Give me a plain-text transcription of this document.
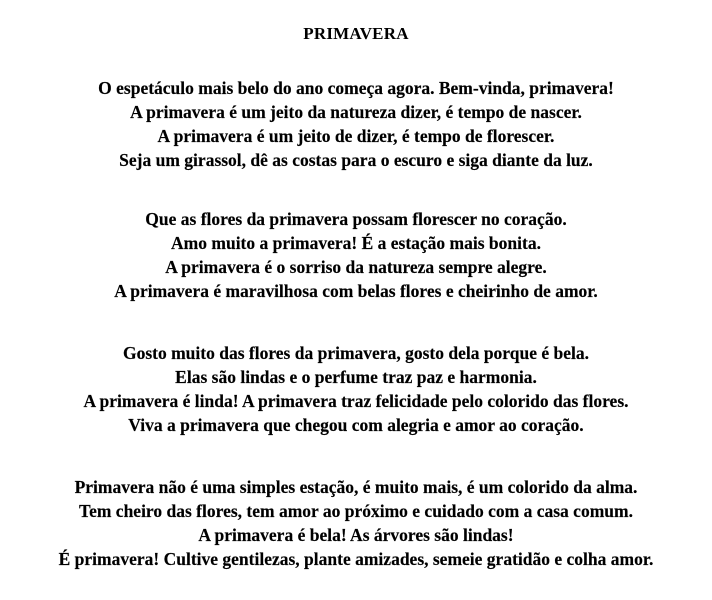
PRIMAVERA
O espetáculo mais belo do ano começa agora. Bem-vinda, primavera!
A primavera é um jeito da natureza dizer, é tempo de nascer.
A primavera é um jeito de dizer, é tempo de florescer.
Seja um girassol, dê as costas para o escuro e siga diante da luz.
Que as flores da primavera possam florescer no coração.
Amo muito a primavera! É a estação mais bonita.
A primavera é o sorriso da natureza sempre alegre.
A primavera é maravilhosa com belas flores e cheirinho de amor.
Gosto muito das flores da primavera, gosto dela porque é bela.
Elas são lindas e o perfume traz paz e harmonia.
A primavera é linda! A primavera traz felicidade pelo colorido das flores.
Viva a primavera que chegou com alegria e amor ao coração.
Primavera não é uma simples estação, é muito mais, é um colorido da alma.
Tem cheiro das flores, tem amor ao próximo e cuidado com a casa comum.
A primavera é bela! As árvores são lindas!
É primavera! Cultive gentilezas, plante amizades, semeie gratidão e colha amor.
